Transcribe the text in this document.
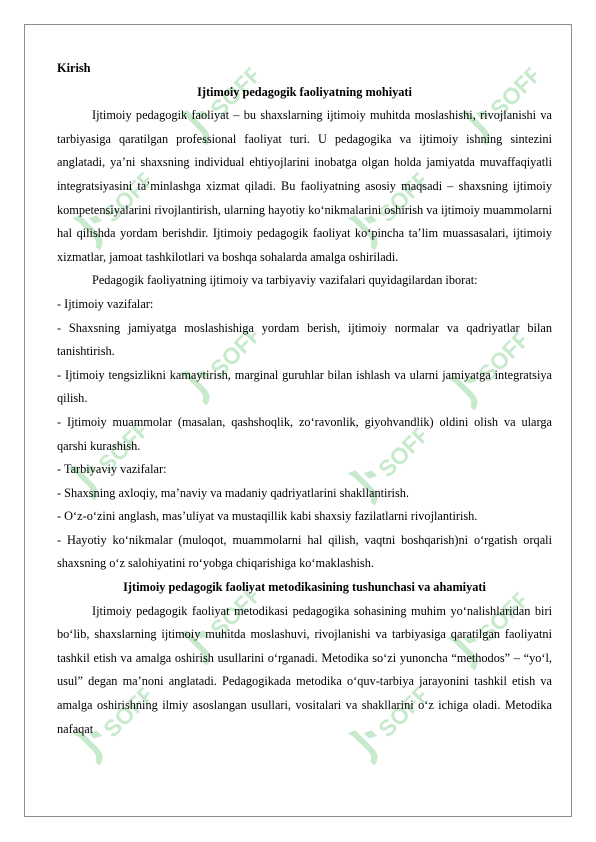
Kirish

Ijtimoiy pedagogik faoliyatning mohiyati

Ijtimoiy pedagogik faoliyat – bu shaxslarning ijtimoiy muhitda moslashishi, rivojlanishi va tarbiyasiga qaratilgan professional faoliyat turi. U pedagogika va ijtimoiy ishning sintezini anglatadi, ya’ni shaxsning individual ehtiyojlarini inobatga olgan holda jamiyatda muvaffaqiyatli integratsiyasini ta’minlashga xizmat qiladi. Bu faoliyatning asosiy maqsadi – shaxsning ijtimoiy kompetensiyalarini rivojlantirish, ularning hayotiy ko‘nikmalarini oshirish va ijtimoiy muammolarni hal qilishda yordam berishdir. Ijtimoiy pedagogik faoliyat ko‘pincha ta’lim muassasalari, ijtimoiy xizmatlar, jamoat tashkilotlari va boshqa sohalarda amalga oshiriladi.

Pedagogik faoliyatning ijtimoiy va tarbiyaviy vazifalari quyidagilardan iborat:

- Ijtimoiy vazifalar:

- Shaxsning jamiyatga moslashishiga yordam berish, ijtimoiy normalar va qadriyatlar bilan tanishtirish.

- Ijtimoiy tengsizlikni kamaytirish, marginal guruhlar bilan ishlash va ularni jamiyatga integratsiya qilish.

- Ijtimoiy muammolar (masalan, qashshoqlik, zo‘ravonlik, giyohvandlik) oldini olish va ularga qarshi kurashish.

- Tarbiyaviy vazifalar:

- Shaxsning axloqiy, ma’naviy va madaniy qadriyatlarini shakllantirish.

- O‘z-o‘zini anglash, mas’uliyat va mustaqillik kabi shaxsiy fazilatlarni rivojlantirish.

- Hayotiy ko‘nikmalar (muloqot, muammolarni hal qilish, vaqtni boshqarish)ni o‘rgatish orqali shaxsning o‘z salohiyatini ro‘yobga chiqarishiga ko‘maklashish.

Ijtimoiy pedagogik faoliyat metodikasining tushunchasi va ahamiyati

Ijtimoiy pedagogik faoliyat metodikasi pedagogika sohasining muhim yo‘nalishlaridan biri bo‘lib, shaxslarning ijtimoiy muhitda moslashuvi, rivojlanishi va tarbiyasiga qaratilgan faoliyatni tashkil etish va amalga oshirish usullarini o‘rganadi. Metodika so‘zi yunoncha “methodos” – “yo‘l, usul” degan ma’noni anglatadi. Pedagogikada metodika o‘quv-tarbiya jarayonini tashkil etish va amalga oshirishning ilmiy asoslangan usullari, vositalari va shakllarini o‘z ichiga oladi. Metodika nafaqat
